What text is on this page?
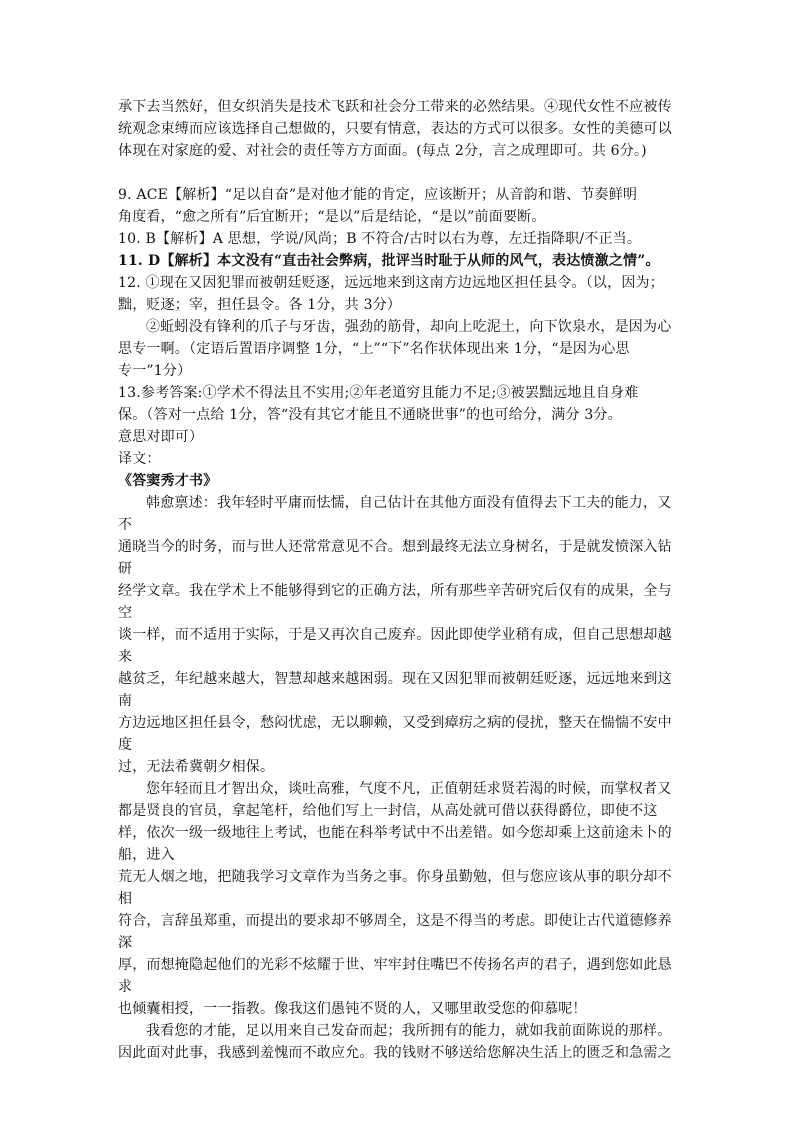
承下去当然好，但女织消失是技术飞跃和社会分工带来的必然结果。④现代女性不应被传
统观念束缚而应该选择自己想做的，只要有情意，表达的方式可以很多。女性的美德可以
体现在对家庭的爱、对社会的责任等方方面面。(每点 2分，言之成理即可。共 6分。)
9. ACE【解析】“足以自奋”是对他才能的肯定，应该断开；从音韵和谐、节奏鲜明
角度看，“愈之所有”后宜断开；“是以”后是结论，“是以”前面要断。
10. B【解析】A 思想，学说/风尚；B 不符合/古时以右为尊，左迁指降职/不正当。
11. D【解析】本文没有“直击社会弊病，批评当时耻于从师的风气，表达愤激之情”。
12. ①现在又因犯罪而被朝廷贬逐，远远地来到这南方边远地区担任县令。（以，因为；
黜，贬逐；宰，担任县令。各 1分，共 3分）
②蚯蚓没有锋利的爪子与牙齿，强劲的筋骨，却向上吃泥土，向下饮泉水，是因为心
思专一啊。（定语后置语序调整 1分，“上”“下”名作状体现出来 1分，“是因为心思
专一”1分）
13.参考答案:①学术不得法且不实用;②年老道穷且能力不足;③被罢黜远地且自身难
保。（答对一点给 1分，答“没有其它才能且不通晓世事”的也可给分，满分 3分。
意思对即可）
译文：
《答窦秀才书》
韩愈禀述：我年轻时平庸而怯懦，自己估计在其他方面没有值得去下工夫的能力，又
不
通晓当今的时务，而与世人还常常意见不合。想到最终无法立身树名，于是就发愤深入钻
研
经学文章。我在学术上不能够得到它的正确方法，所有那些辛苦研究后仅有的成果，全与
空
谈一样，而不适用于实际，于是又再次自己废弃。因此即使学业稍有成，但自己思想却越
来
越贫乏，年纪越来越大，智慧却越来越困弱。现在又因犯罪而被朝廷贬逐，远远地来到这
南
方边远地区担任县令，愁闷忧虑，无以聊赖，又受到瘴疠之病的侵扰，整天在惴惴不安中
度
过，无法希冀朝夕相保。
您年轻而且才智出众，谈吐高雅，气度不凡，正值朝廷求贤若渴的时候，而掌权者又
都是贤良的官员，拿起笔杆，给他们写上一封信，从高处就可借以获得爵位，即使不这
样，依次一级一级地往上考试，也能在科举考试中不出差错。如今您却乘上这前途未卜的
船，进入
荒无人烟之地，把随我学习文章作为当务之事。你身虽勤勉，但与您应该从事的职分却不
相
符合，言辞虽郑重，而提出的要求却不够周全，这是不得当的考虑。即使让古代道德修养
深
厚，而想掩隐起他们的光彩不炫耀于世、牢牢封住嘴巴不传扬名声的君子，遇到您如此恳
求
也倾囊相授，一一指教。像我这们愚钝不贤的人，又哪里敢受您的仰慕呢！
我看您的才能，足以用来自己发奋而起；我所拥有的能力，就如我前面陈说的那样。
因此面对此事，我感到羞愧而不敢应允。我的钱财不够送给您解决生活上的匮乏和急需之
